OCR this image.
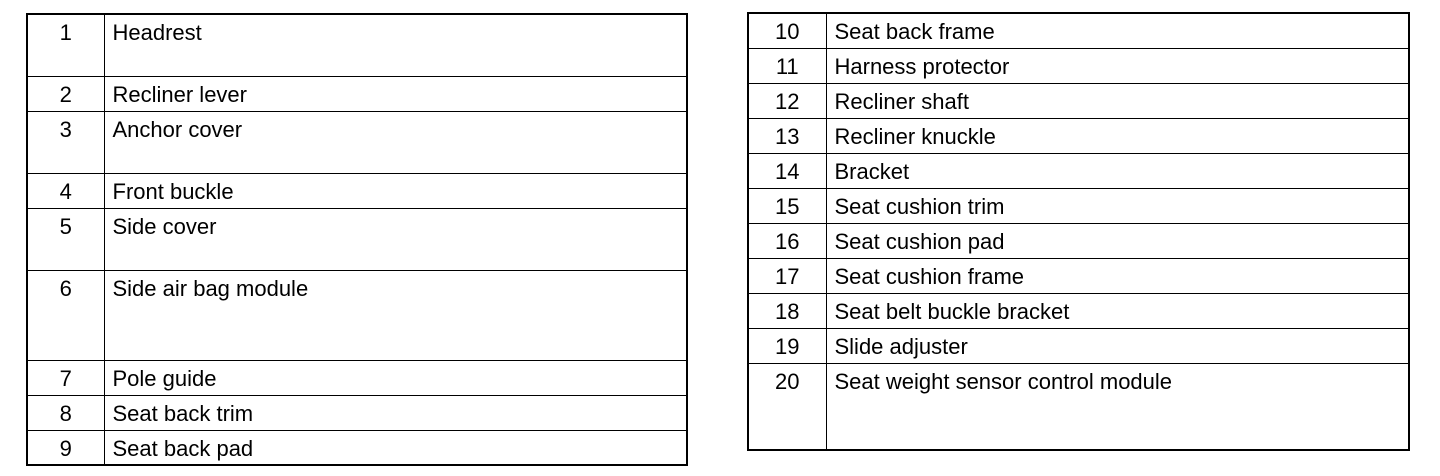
1	Headrest
2	Recliner lever
3	Anchor cover
4	Front buckle
5	Side cover
6	Side air bag module
7	Pole guide
8	Seat back trim
9	Seat back pad
10	Seat back frame
11	Harness protector
12	Recliner shaft
13	Recliner knuckle
14	Bracket
15	Seat cushion trim
16	Seat cushion pad
17	Seat cushion frame
18	Seat belt buckle bracket
19	Slide adjuster
20	Seat weight sensor control module
